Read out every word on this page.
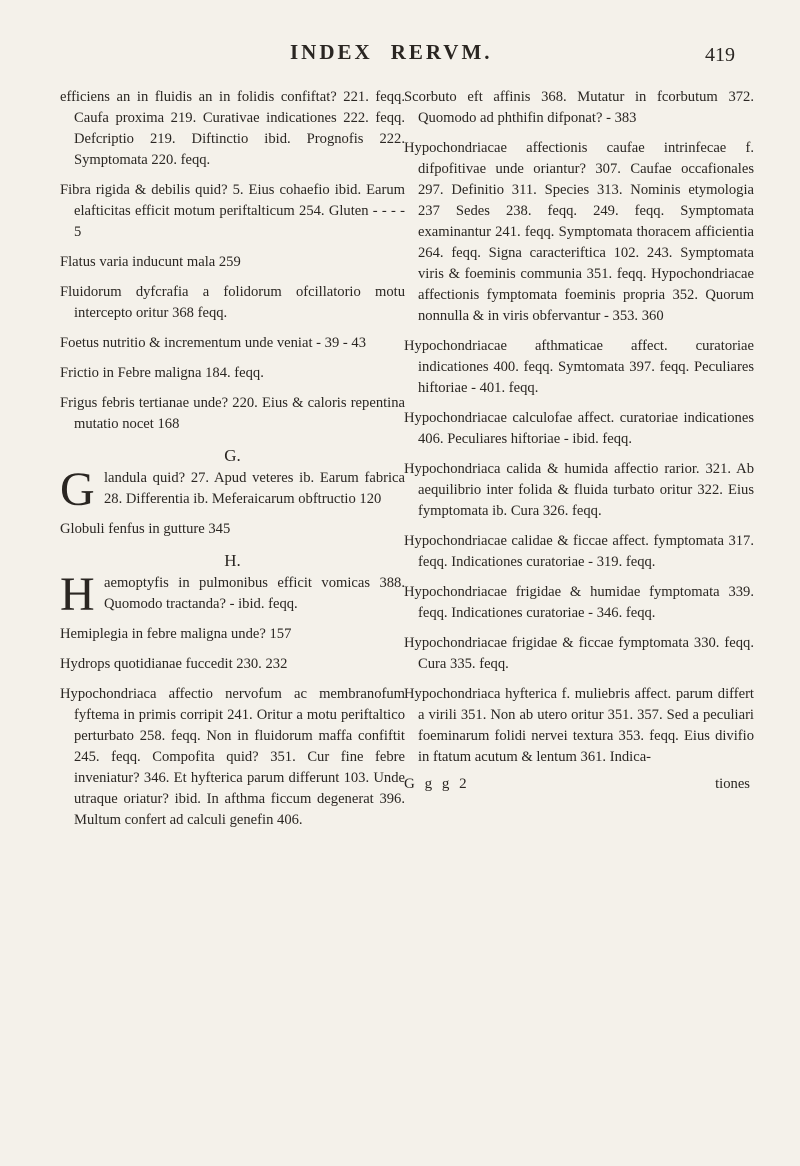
INDEX RERVM.	419

efficiens an in fluidis an in folidis confiftat? 221. feqq. Caufa proxima 219. Curativae indicationes 222. feqq. Defcriptio 219. Diftinctio ibid. Prognofis 222. Symptomata 220. feqq.

Fibra rigida & debilis quid? 5. Eius cohaefio ibid. Earum elafticitas efficit motum periftalticum 254. Gluten - - - - 5

Flatus varia inducunt mala 259

Fluidorum dyfcrafia a folidorum ofcillatorio motu intercepto oritur 368 feqq.

Foetus nutritio & incrementum unde veniat - 39 - 43

Frictio in Febre maligna 184. feqq.

Frigus febris tertianae unde? 220. Eius & caloris repentina mutatio nocet 168

G.
G landula quid? 27. Apud veteres ib. Earum fabrica 28. Differentia ib. Meferaicarum obftructio 120

Globuli fenfus in gutture 345

H.
H aemoptyfis in pulmonibus efficit vomicas 388. Quomodo tractanda? - ibid. feqq.

Hemiplegia in febre maligna unde? 157

Hydrops quotidianae fuccedit 230. 232

Hypochondriaca affectio nervofum ac membranofum fyftema in primis corripit 241. Oritur a motu periftaltico perturbato 258. feqq. Non in fluidorum maffa confiftit 245. feqq. Compofita quid? 351. Cur fine febre inveniatur? 346. Et hyfterica parum differunt 103. Unde utraque oriatur? ibid. In afthma ficcum degenerat 396. Multum confert ad calculi genefin 406.

Scorbuto eft affinis 368. Mutatur in fcorbutum 372. Quomodo ad phthifin difponat? - 383

Hypochondriacae affectionis caufae intrinfecae f. difpofitivae unde oriantur? 307. Caufae occafionales 297. Definitio 311. Species 313. Nominis etymologia 237 Sedes 238. feqq. 249. feqq. Symptomata examinantur 241. feqq. Symptomata thoracem afficientia 264. feqq. Signa caracteriftica 102. 243. Symptomata viris & foeminis communia 351. feqq. Hypochondriacae affectionis fymptomata foeminis propria 352. Quorum nonnulla & in viris obfervantur - 353. 360

Hypochondriacae afthmaticae affect. curatoriae indicationes 400. feqq. Symtomata 397. feqq. Peculiares hiftoriae - 401. feqq.

Hypochondriacae calculofae affect. curatoriae indicationes 406. Peculiares hiftoriae - ibid. feqq.

Hypochondriaca calida & humida affectio rarior. 321. Ab aequilibrio inter folida & fluida turbato oritur 322. Eius fymptomata ib. Cura 326. feqq.

Hypochondriacae calidae & ficcae affect. fymptomata 317. feqq. Indicationes curatoriae - 319. feqq.

Hypochondriacae frigidae & humidae fymptomata 339. feqq. Indicationes curatoriae - 346. feqq.

Hypochondriacae frigidae & ficcae fymptomata 330. feqq. Cura 335. feqq.

Hypochondriaca hyfterica f. muliebris affect. parum differt a virili 351. Non ab utero oritur 351. 357. Sed a peculiari foeminarum folidi nervei textura 353. feqq. Eius divifio in ftatum acutum & lentum 361. Indica-

G g g 2	tiones
